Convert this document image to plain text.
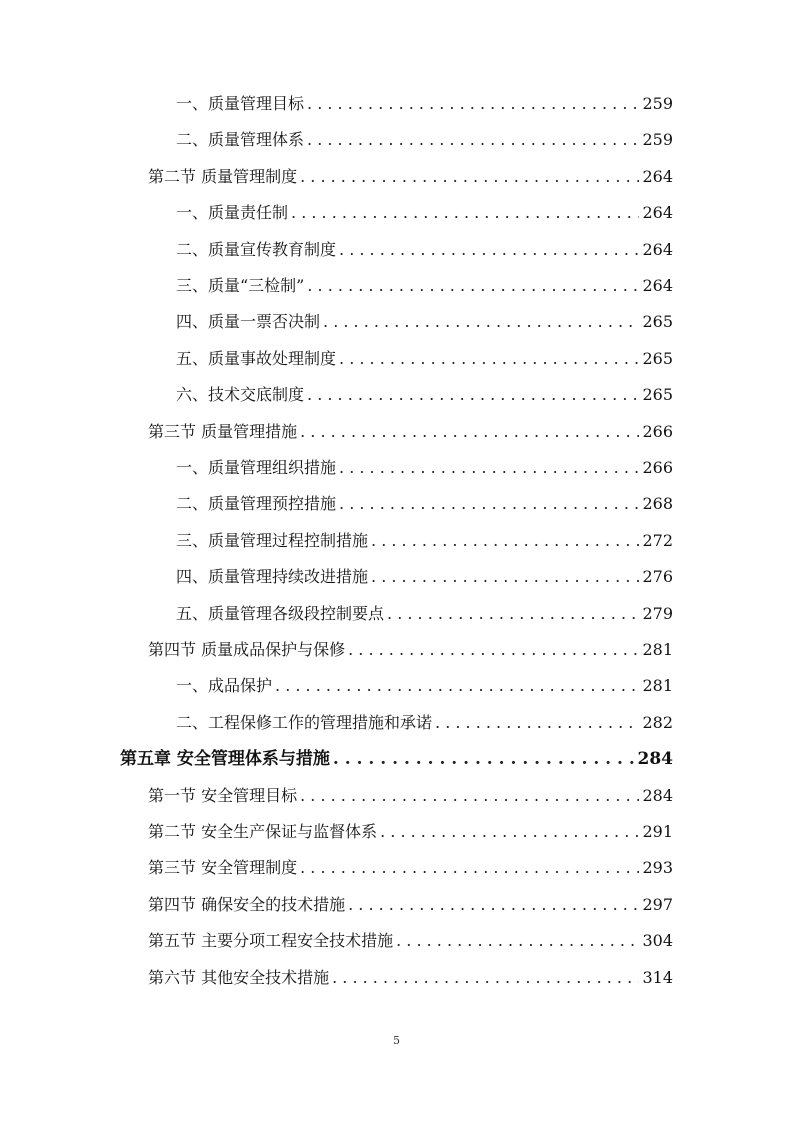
一、质量管理目标 . . .	259
二、质量管理体系 . . .	259
第二节 质量管理制度 . . .	264
一、质量责任制 . . .	264
二、质量宣传教育制度 . . .	264
三、质量“三检制” . . .	264
四、质量一票否决制 . . .	265
五、质量事故处理制度 . . .	265
六、技术交底制度 . . .	265
第三节 质量管理措施 . . .	266
一、质量管理组织措施 . . .	266
二、质量管理预控措施 . . .	268
三、质量管理过程控制措施 . . .	272
四、质量管理持续改进措施 . . .	276
五、质量管理各级段控制要点 . . .	279
第四节 质量成品保护与保修 . . .	281
一、成品保护 . . .	281
二、工程保修工作的管理措施和承诺 . . .	282
第五章 安全管理体系与措施 . . .	284
第一节 安全管理目标 . . .	284
第二节 安全生产保证与监督体系 . . .	291
第三节 安全管理制度 . . .	293
第四节 确保安全的技术措施 . . .	297
第五节 主要分项工程安全技术措施 . . .	304
第六节 其他安全技术措施 . . .	314
5
